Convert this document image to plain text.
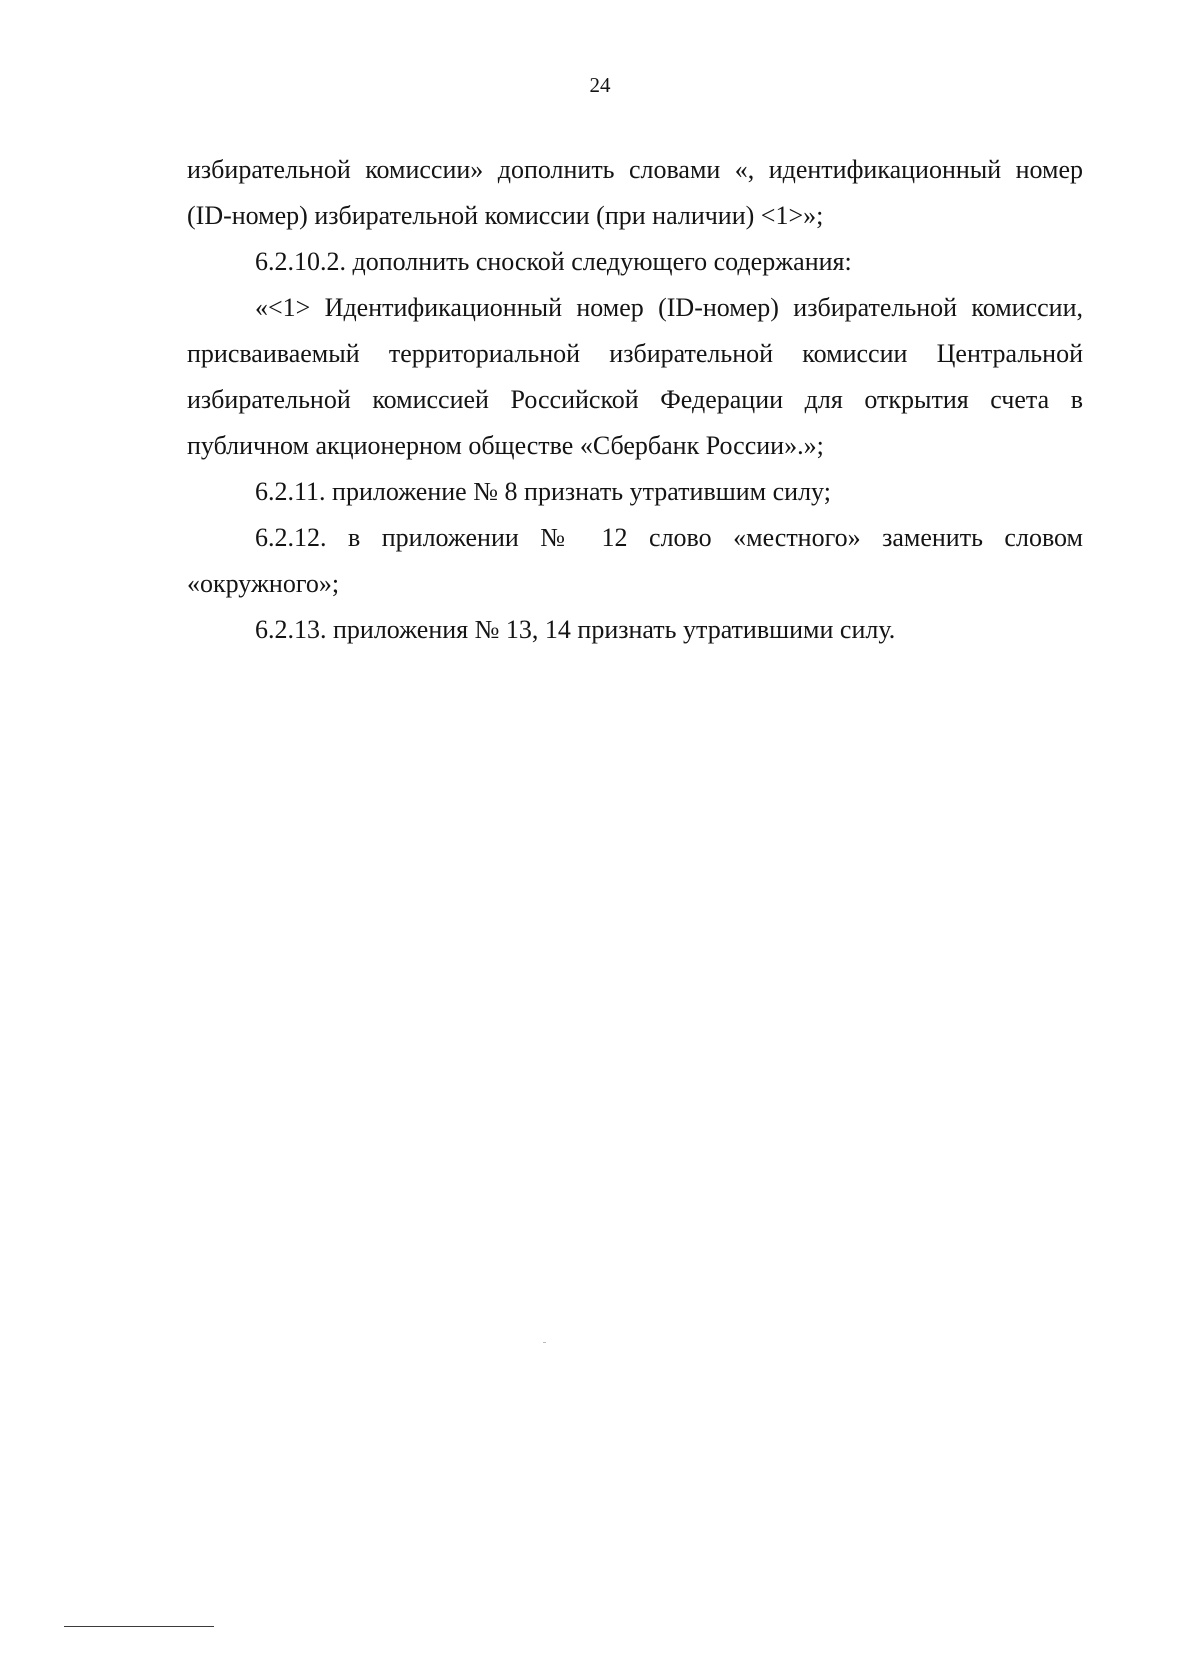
24
избирательной комиссии» дополнить словами «, идентификационный номер
(ID-номер) избирательной комиссии (при наличии) <1>»;
6.2.10.2. дополнить сноской следующего содержания:
«<1> Идентификационный номер (ID-номер) избирательной комиссии,
присваиваемый территориальной избирательной комиссии Центральной
избирательной комиссией Российской Федерации для открытия счета в
публичном акционерном обществе «Сбербанк России».»;
6.2.11. приложение № 8 признать утратившим силу;
6.2.12. в приложении № 12 слово «местного» заменить словом
«окружного»;
6.2.13. приложения № 13, 14 признать утратившими силу.
